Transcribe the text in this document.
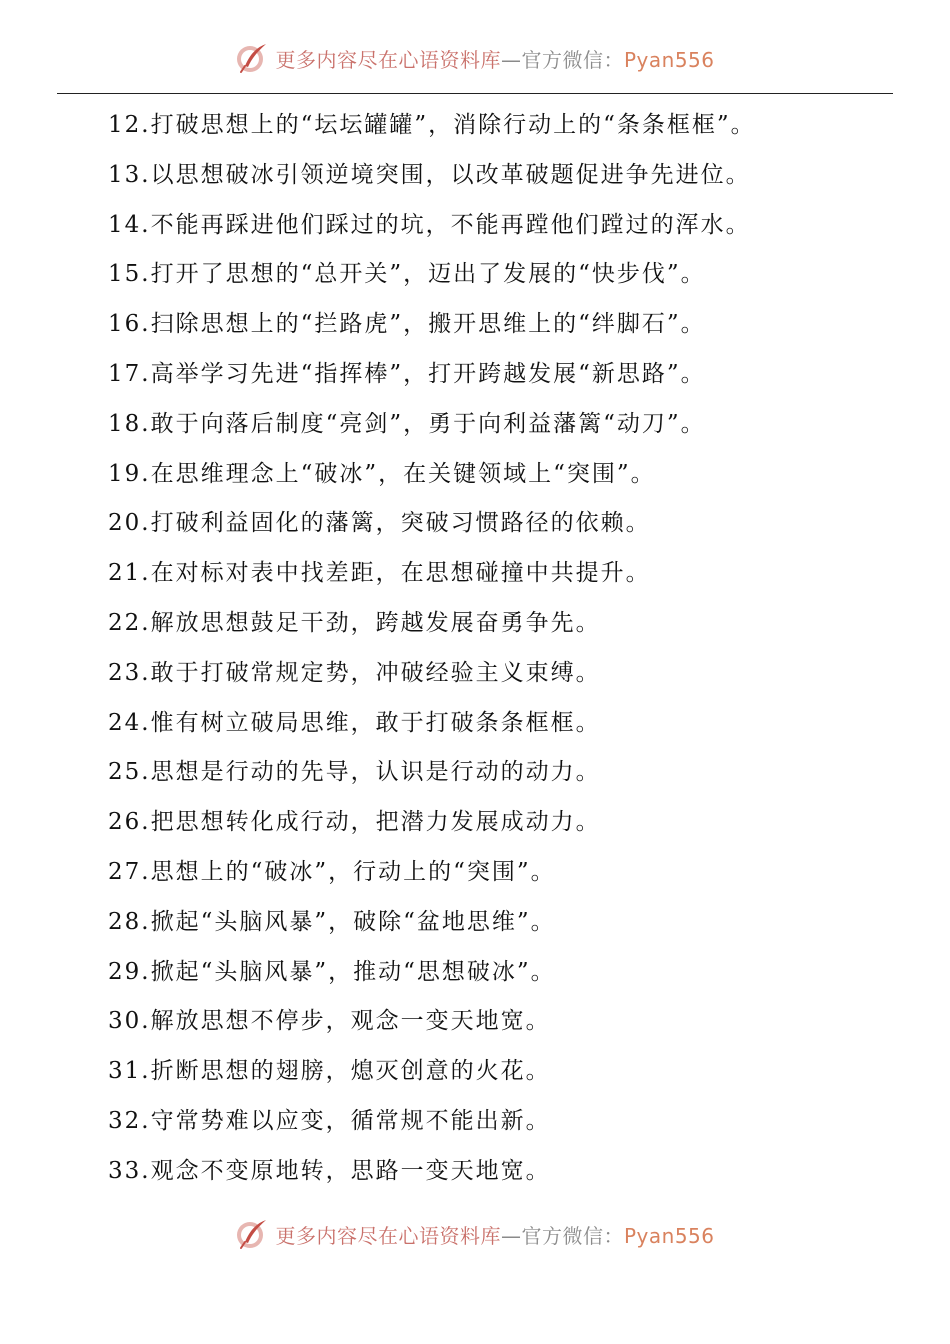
更多内容尽在心语资料库—官方微信：Pyan556
12.打破思想上的“坛坛罐罐”，消除行动上的“条条框框”。
13.以思想破冰引领逆境突围，以改革破题促进争先进位。
14.不能再踩进他们踩过的坑，不能再蹚他们蹚过的浑水。
15.打开了思想的“总开关”，迈出了发展的“快步伐”。
16.扫除思想上的“拦路虎”，搬开思维上的“绊脚石”。
17.高举学习先进“指挥棒”，打开跨越发展“新思路”。
18.敢于向落后制度“亮剑”，勇于向利益藩篱“动刀”。
19.在思维理念上“破冰”，在关键领域上“突围”。
20.打破利益固化的藩篱，突破习惯路径的依赖。
21.在对标对表中找差距，在思想碰撞中共提升。
22.解放思想鼓足干劲，跨越发展奋勇争先。
23.敢于打破常规定势，冲破经验主义束缚。
24.惟有树立破局思维，敢于打破条条框框。
25.思想是行动的先导，认识是行动的动力。
26.把思想转化成行动，把潜力发展成动力。
27.思想上的“破冰”，行动上的“突围”。
28.掀起“头脑风暴”，破除“盆地思维”。
29.掀起“头脑风暴”，推动“思想破冰”。
30.解放思想不停步，观念一变天地宽。
31.折断思想的翅膀，熄灭创意的火花。
32.守常势难以应变，循常规不能出新。
33.观念不变原地转，思路一变天地宽。
更多内容尽在心语资料库—官方微信：Pyan556
